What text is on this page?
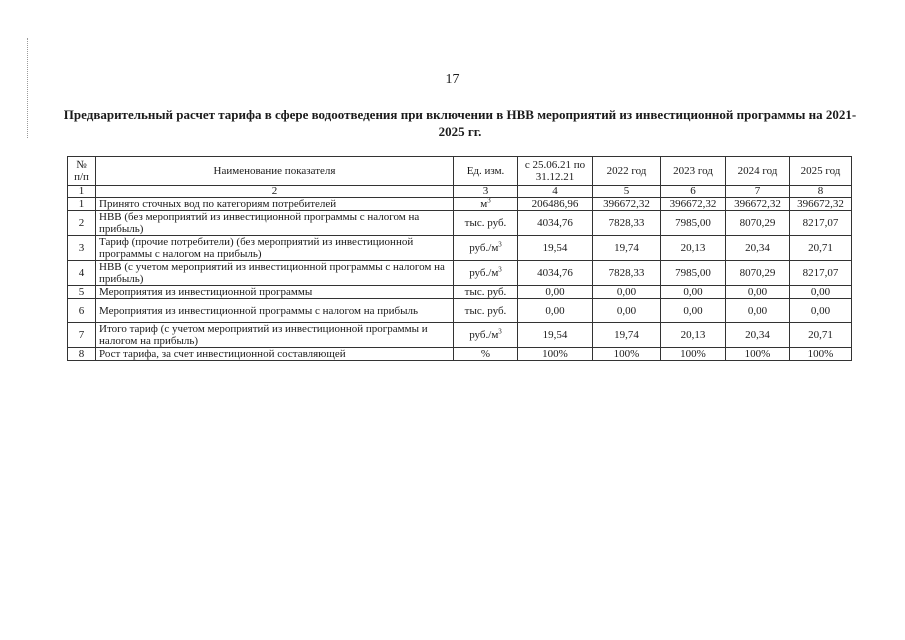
17
Предварительный расчет тарифа в сфере водоотведения при включении в НВВ мероприятий из инвестиционной программы на 2021-2025 гг.
№ п/п	Наименование показателя	Ед. изм.	с 25.06.21 по 31.12.21	2022 год	2023 год	2024 год	2025 год
1	2	3	4	5	6	7	8
1	Принято сточных вод по категориям потребителей	$м^3$	206486,96	396672,32	396672,32	396672,32	396672,32
2	НВВ (без мероприятий из инвестиционной программы с налогом на прибыль)	тыс. руб.	4034,76	7828,33	7985,00	8070,29	8217,07
3	Тариф (прочие потребители) (без мероприятий из инвестиционной программы с налогом на прибыль)	$руб./м^3$	19,54	19,74	20,13	20,34	20,71
4	НВВ (с учетом мероприятий из инвестиционной программы с налогом на прибыль)	$руб./м^3$	4034,76	7828,33	7985,00	8070,29	8217,07
5	Мероприятия из инвестиционной программы	тыс. руб.	0,00	0,00	0,00	0,00	0,00
6	Мероприятия из инвестиционной программы с налогом на прибыль	тыс. руб.	0,00	0,00	0,00	0,00	0,00
7	Итого тариф (с учетом мероприятий из инвестиционной программы и налогом на прибыль)	$руб./м^3$	19,54	19,74	20,13	20,34	20,71
8	Рост тарифа, за счет инвестиционной составляющей	%	100%	100%	100%	100%	100%
